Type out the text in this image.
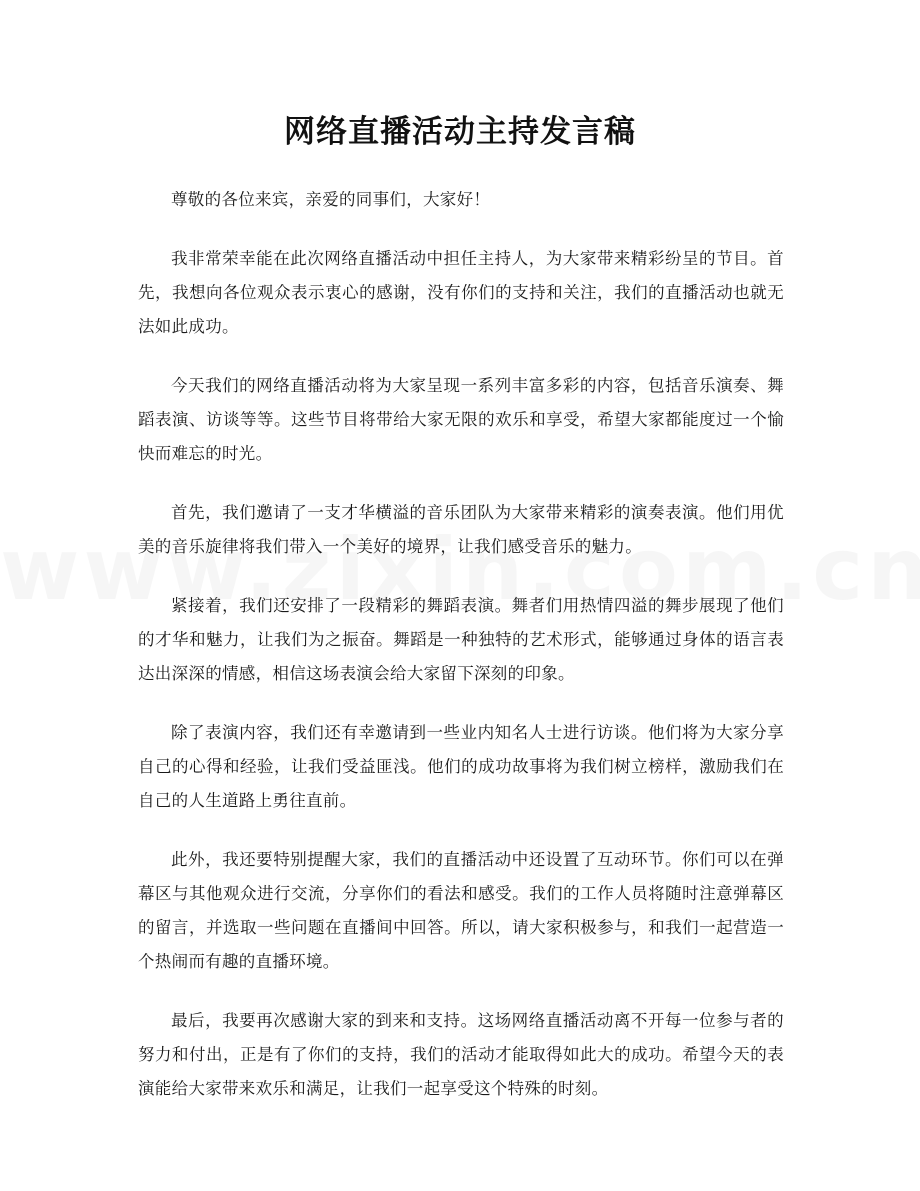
网络直播活动主持发言稿

尊敬的各位来宾，亲爱的同事们，大家好！

我非常荣幸能在此次网络直播活动中担任主持人，为大家带来精彩纷呈的节目。首先，我想向各位观众表示衷心的感谢，没有你们的支持和关注，我们的直播活动也就无法如此成功。

今天我们的网络直播活动将为大家呈现一系列丰富多彩的内容，包括音乐演奏、舞蹈表演、访谈等等。这些节目将带给大家无限的欢乐和享受，希望大家都能度过一个愉快而难忘的时光。

首先，我们邀请了一支才华横溢的音乐团队为大家带来精彩的演奏表演。他们用优美的音乐旋律将我们带入一个美好的境界，让我们感受音乐的魅力。

紧接着，我们还安排了一段精彩的舞蹈表演。舞者们用热情四溢的舞步展现了他们的才华和魅力，让我们为之振奋。舞蹈是一种独特的艺术形式，能够通过身体的语言表达出深深的情感，相信这场表演会给大家留下深刻的印象。

除了表演内容，我们还有幸邀请到一些业内知名人士进行访谈。他们将为大家分享自己的心得和经验，让我们受益匪浅。他们的成功故事将为我们树立榜样，激励我们在自己的人生道路上勇往直前。

此外，我还要特别提醒大家，我们的直播活动中还设置了互动环节。你们可以在弹幕区与其他观众进行交流，分享你们的看法和感受。我们的工作人员将随时注意弹幕区的留言，并选取一些问题在直播间中回答。所以，请大家积极参与，和我们一起营造一个热闹而有趣的直播环境。

最后，我要再次感谢大家的到来和支持。这场网络直播活动离不开每一位参与者的努力和付出，正是有了你们的支持，我们的活动才能取得如此大的成功。希望今天的表演能给大家带来欢乐和满足，让我们一起享受这个特殊的时刻。
